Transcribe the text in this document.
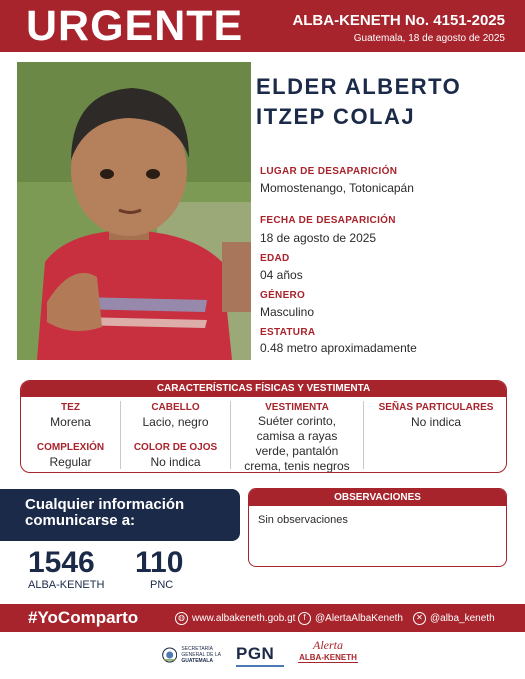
URGENTE	ALBA-KENETH No. 4151-2025
Guatemala, 18 de agosto de 2025
ELDER ALBERTO
ITZEP COLAJ
LUGAR DE DESAPARICIÓN
Momostenango, Totonicapán
FECHA DE DESAPARICIÓN
18 de agosto de 2025
EDAD
04 años
GÉNERO
Masculino
ESTATURA
0.48 metro aproximadamente
CARACTERÍSTICAS FÍSICAS Y VESTIMENTA
TEZ
Morena
COMPLEXIÓN
Regular
CABELLO
Lacio, negro
COLOR DE OJOS
No indica
VESTIMENTA
Suéter corinto,
camisa a rayas
verde, pantalón
crema, tenis negros
SEÑAS PARTICULARES
No indica
Cualquier información
comunicarse a:
1546
ALBA-KENETH
110
PNC
OBSERVACIONES
Sin observaciones
#YoComparto	◍ www.albakeneth.gob.gt f @AlertaAlbaKeneth	✕ @alba_keneth
SECRETARÍA GENERAL DE LA
GUATEMALA	PGN	Alerta
ALBA-KENETH
